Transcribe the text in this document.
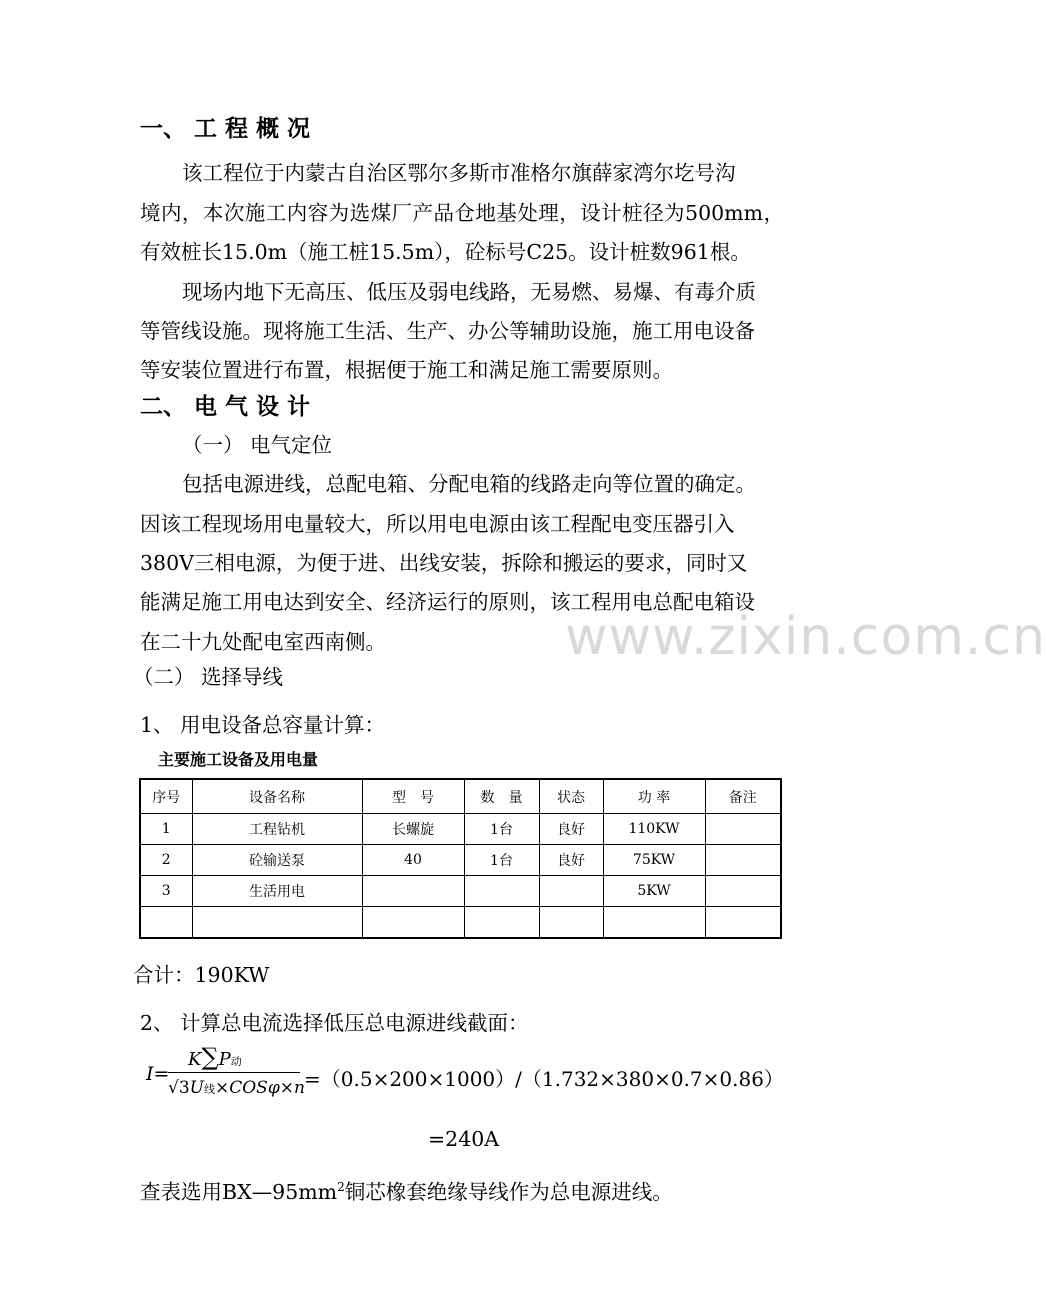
一、 工 程 概 况
该工程位于内蒙古自治区鄂尔多斯市准格尔旗薛家湾尔圪号沟
境内，本次施工内容为选煤厂产品仓地基处理，设计桩径为500mm，
有效桩长15.0m（施工桩15.5m），砼标号C25。设计桩数961根。
现场内地下无高压、低压及弱电线路，无易燃、易爆、有毒介质
等管线设施。现将施工生活、生产、办公等辅助设施，施工用电设备
等安装位置进行布置，根据便于施工和满足施工需要原则。
二、 电 气 设 计
（一） 电气定位
包括电源进线，总配电箱、分配电箱的线路走向等位置的确定。
因该工程现场用电量较大，所以用电电源由该工程配电变压器引入
380V三相电源，为便于进、出线安装，拆除和搬运的要求，同时又
能满足施工用电达到安全、经济运行的原则，该工程用电总配电箱设
在二十九处配电室西南侧。	www.zixin.com.cn
（二） 选择导线
1、 用电设备总容量计算：
主要施工设备及用电量
序号	设备名称	型　号	数　量	状态	功 率	备注
1	工程钻机	长螺旋	1台	良好	110KW	
2	砼输送泵	40	1台	良好	75KW	
3	生活用电				5KW	

合计：190KW
2、 计算总电流选择低压总电源进线截面：
I=
K∑P动
√3U线×COSφ×n =（0.5×200×1000）/（1.732×380×0.7×0.86）
=240A
查表选用$BX—95mm^2$铜芯橡套绝缘导线作为总电源进线。
